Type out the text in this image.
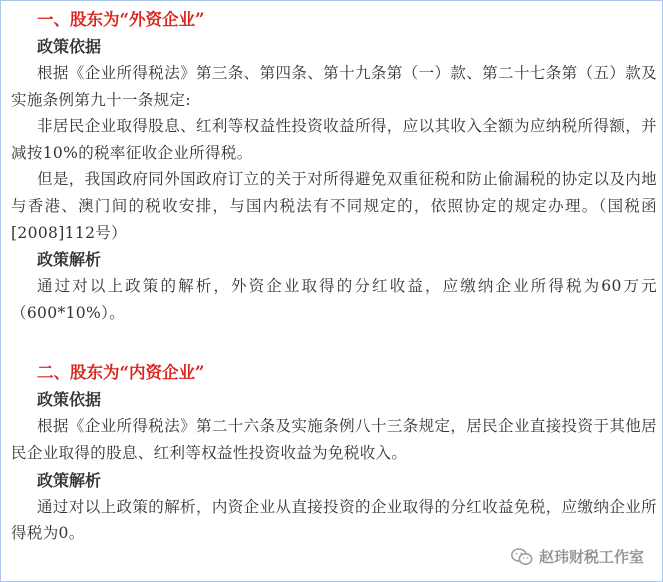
一、股东为“外资企业”
政策依据

根据《企业所得税法》第三条、第四条、第十九条第（一）款、第二十七条第（五）款及实施条例第九十一条规定:

非居民企业取得股息、红利等权益性投资收益所得，应以其收入全额为应纳税所得额，并减按10%的税率征收企业所得税。

但是，我国政府同外国政府订立的关于对所得避免双重征税和防止偷漏税的协定以及内地与香港、澳门间的税收安排，与国内税法有不同规定的，依照协定的规定办理。（国税函[2008]112号）

政策解析

通过对以上政策的解析，外资企业取得的分红收益，应缴纳企业所得税为60万元（600*10%）。

二、股东为“内资企业”
政策依据

根据《企业所得税法》第二十六条及实施条例八十三条规定，居民企业直接投资于其他居民企业取得的股息、红利等权益性投资收益为免税收入。

政策解析

通过对以上政策的解析，内资企业从直接投资的企业取得的分红收益免税，应缴纳企业所得税为0。

赵玮财税工作室
